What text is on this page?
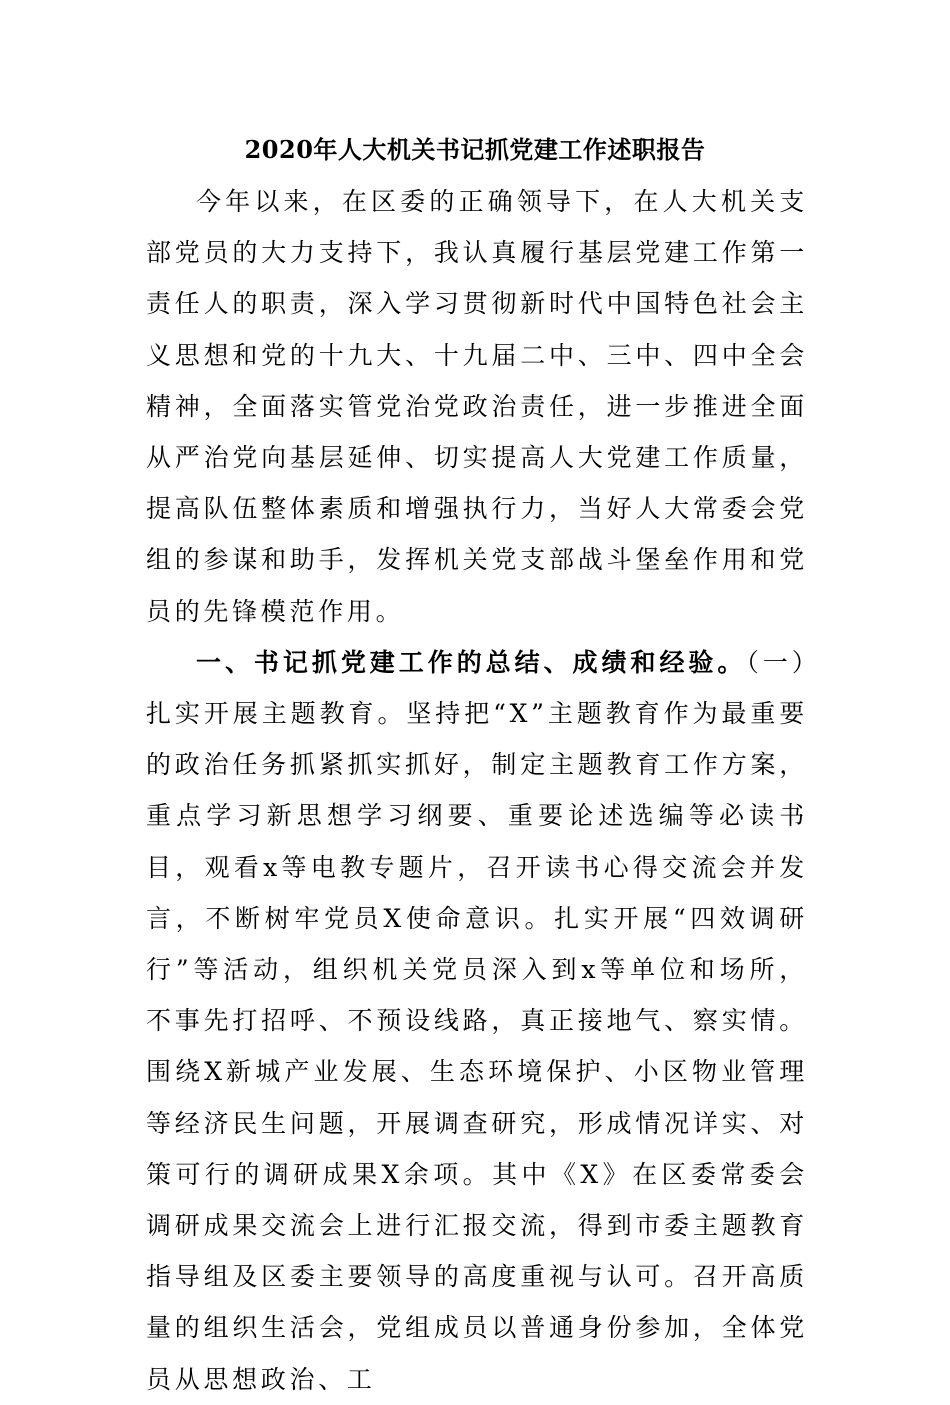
2020年人大机关书记抓党建工作述职报告

今年以来，在区委的正确领导下，在人大机关支部党员的大力支持下，我认真履行基层党建工作第一责任人的职责，深入学习贯彻新时代中国特色社会主义思想和党的十九大、十九届二中、三中、四中全会精神，全面落实管党治党政治责任，进一步推进全面从严治党向基层延伸、切实提高人大党建工作质量，提高队伍整体素质和增强执行力，当好人大常委会党组的参谋和助手，发挥机关党支部战斗堡垒作用和党员的先锋模范作用。

一、书记抓党建工作的总结、成绩和经验。（一）扎实开展主题教育。坚持把“X”主题教育作为最重要的政治任务抓紧抓实抓好，制定主题教育工作方案，重点学习新思想学习纲要、重要论述选编等必读书目，观看x等电教专题片，召开读书心得交流会并发言，不断树牢党员X使命意识。扎实开展“四效调研行”等活动，组织机关党员深入到x等单位和场所，不事先打招呼、不预设线路，真正接地气、察实情。围绕X新城产业发展、生态环境保护、小区物业管理等经济民生问题，开展调查研究，形成情况详实、对策可行的调研成果X余项。其中《X》在区委常委会调研成果交流会上进行汇报交流，得到市委主题教育指导组及区委主要领导的高度重视与认可。召开高质量的组织生活会，党组成员以普通身份参加，全体党员从思想政治、工
